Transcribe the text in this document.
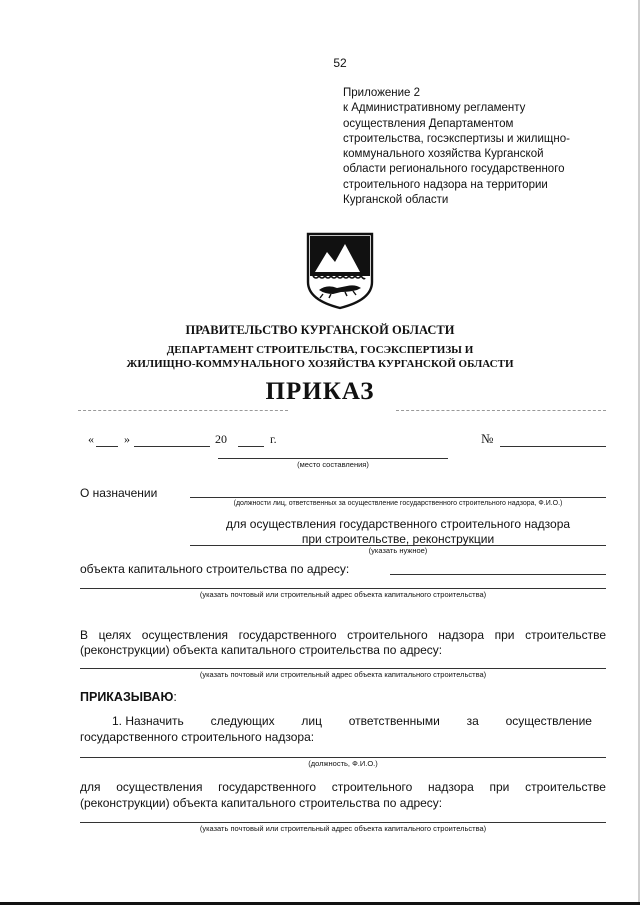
52
Приложение 2
к Административному регламенту
осуществления Департаментом
строительства, госэкспертизы и жилищно-
коммунального хозяйства Курганской
области регионального государственного
строительного надзора на территории
Курганской области
ПРАВИТЕЛЬСТВО КУРГАНСКОЙ ОБЛАСТИ
ДЕПАРТАМЕНТ СТРОИТЕЛЬСТВА, ГОСЭКСПЕРТИЗЫ И
ЖИЛИЩНО-КОММУНАЛЬНОГО ХОЗЯЙСТВА КУРГАНСКОЙ ОБЛАСТИ
ПРИКАЗ
«	»	20	г.	№
(место составления)
О назначении
(должности лиц, ответственных за осуществление государственного строительного надзора, Ф.И.О.)
для осуществления государственного строительного надзора
при строительстве, реконструкции
(указать нужное)
объекта капитального строительства по адресу:
(указать почтовый или строительный адрес объекта капитального строительства)
В целях осуществления государственного строительного надзора при строительстве
(реконструкции) объекта капитального строительства по адресу:
(указать почтовый или строительный адрес объекта капитального строительства)
ПРИКАЗЫВАЮ:
1. Назначить следующих лиц ответственными за осуществление
государственного строительного надзора:
(должность, Ф.И.О.)
для осуществления государственного строительного надзора при строительстве
(реконструкции) объекта капитального строительства по адресу:
(указать почтовый или строительный адрес объекта капитального строительства)
